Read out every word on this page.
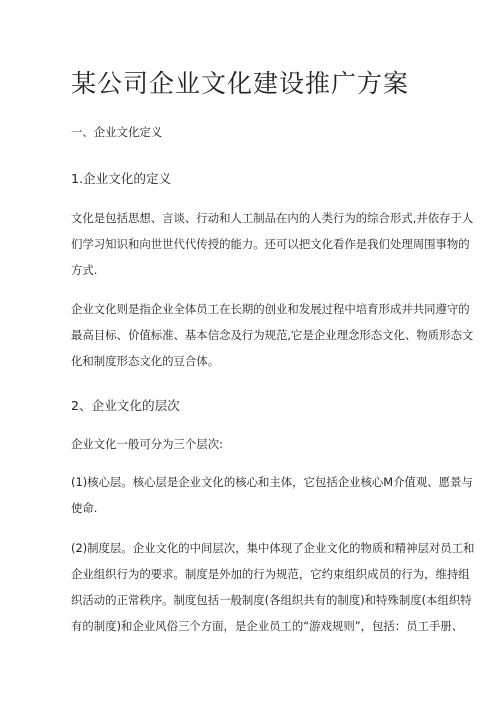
某公司企业文化建设推广方案
一、企业文化定义
1.企业文化的定义
文化是包括思想、言谈、行动和人工制品在内的人类行为的综合形式,并依存于人
们学习知识和向世世代代传授的能力。还可以把文化看作是我们处理周围事物的
方式.
企业文化则是指企业全体员工在长期的创业和发展过程中培育形成并共同遵守的
最高目标、价值标准、基本信念及行为规范,它是企业理念形态文化、物质形态文
化和制度形态文化的豆合体。
2、企业文化的层次
企业文化一般可分为三个层次:
(1)核心层。核心层是企业文化的核心和主体，它包括企业核心M介值观、愿景与
使命.
(2)制度层。企业文化的中间层次，集中体现了企业文化的物质和精神层对员工和
企业组织行为的要求。制度是外加的行为规范，它约束组织成员的行为，维持组
织活动的正常秩序。制度包括一般制度(各组织共有的制度)和特殊制度(本组织特
有的制度)和企业风俗三个方面，是企业员工的“游戏规则”，包括：员工手册、
